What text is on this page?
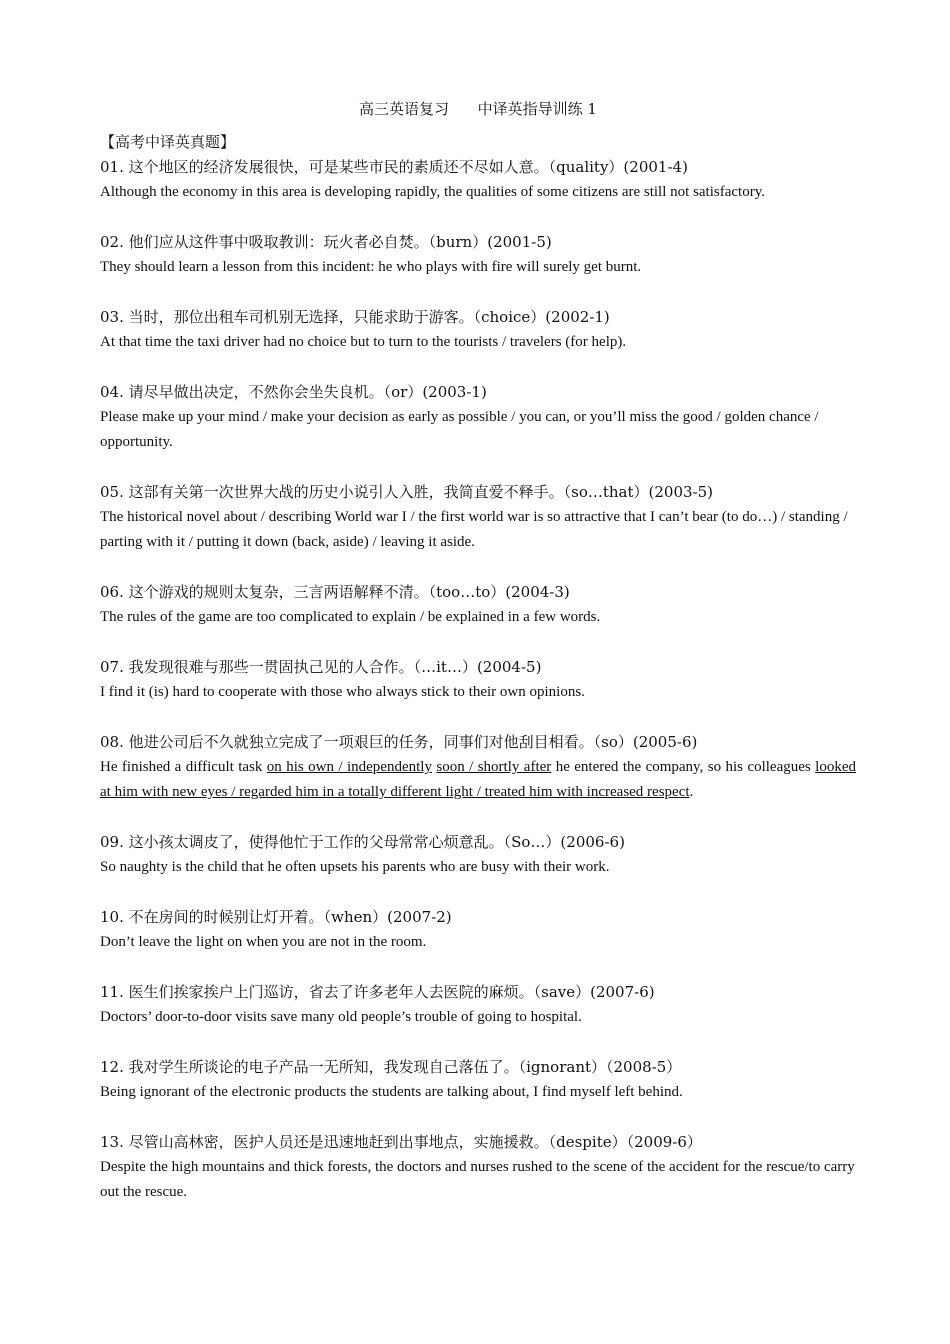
高三英语复习      中译英指导训练 1
【高考中译英真题】
01. 这个地区的经济发展很快，可是某些市民的素质还不尽如人意。（quality）(2001-4)
Although the economy in this area is developing rapidly, the qualities of some citizens are still not satisfactory.
02. 他们应从这件事中吸取教训：玩火者必自焚。（burn）(2001-5)
They should learn a lesson from this incident: he who plays with fire will surely get burnt.
03. 当时，那位出租车司机别无选择，只能求助于游客。（choice）(2002-1)
At that time the taxi driver had no choice but to turn to the tourists / travelers (for help).
04. 请尽早做出决定，不然你会坐失良机。（or）(2003-1)
Please make up your mind / make your decision as early as possible / you can, or you’ll miss the good / golden chance / opportunity.
05. 这部有关第一次世界大战的历史小说引人入胜，我简直爱不释手。（so…that）(2003-5)
The historical novel about / describing World war I / the first world war is so attractive that I can’t bear (to do…) / standing / parting with it / putting it down (back, aside) / leaving it aside.
06. 这个游戏的规则太复杂，三言两语解释不清。（too…to）(2004-3)
The rules of the game are too complicated to explain / be explained in a few words.
07. 我发现很难与那些一贯固执己见的人合作。（…it…）(2004-5)
I find it (is) hard to cooperate with those who always stick to their own opinions.
08. 他进公司后不久就独立完成了一项艰巨的任务，同事们对他刮目相看。（so）(2005-6)
He finished a difficult task on his own / independently soon / shortly after he entered the company, so his colleagues looked at him with new eyes / regarded him in a totally different light / treated him with increased respect.
09. 这小孩太调皮了，使得他忙于工作的父母常常心烦意乱。（So…）(2006-6)
So naughty is the child that he often upsets his parents who are busy with their work.
10. 不在房间的时候别让灯开着。（when）(2007-2)
Don’t leave the light on when you are not in the room.
11. 医生们挨家挨户上门巡访，省去了许多老年人去医院的麻烦。（save）(2007-6)
Doctors’ door-to-door visits save many old people’s trouble of going to hospital.
12. 我对学生所谈论的电子产品一无所知，我发现自己落伍了。（ignorant）（2008-5）
Being ignorant of the electronic products the students are talking about, I find myself left behind.
13. 尽管山高林密，医护人员还是迅速地赶到出事地点，实施援救。（despite）（2009-6）
Despite the high mountains and thick forests, the doctors and nurses rushed to the scene of the accident for the rescue/to carry out the rescue.
